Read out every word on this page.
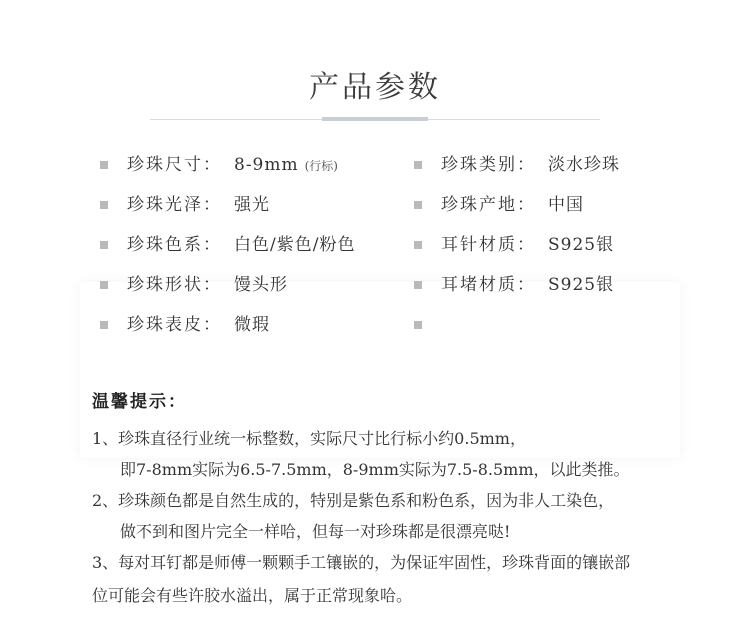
产品参数
珍珠尺寸： 8-9mm (行标)
珍珠光泽： 强光
珍珠色系： 白色/紫色/粉色
珍珠形状： 馒头形
珍珠表皮： 微瑕
珍珠类别： 淡水珍珠
珍珠产地： 中国
耳针材质： S925银
耳堵材质： S925银
温馨提示：
1、珍珠直径行业统一标整数，实际尺寸比行标小约0.5mm，
即7-8mm实际为6.5-7.5mm，8-9mm实际为7.5-8.5mm，以此类推。
2、珍珠颜色都是自然生成的，特别是紫色系和粉色系，因为非人工染色，
做不到和图片完全一样哈，但每一对珍珠都是很漂亮哒!
3、每对耳钉都是师傅一颗颗手工镶嵌的，为保证牢固性，珍珠背面的镶嵌部
位可能会有些许胶水溢出，属于正常现象哈。
